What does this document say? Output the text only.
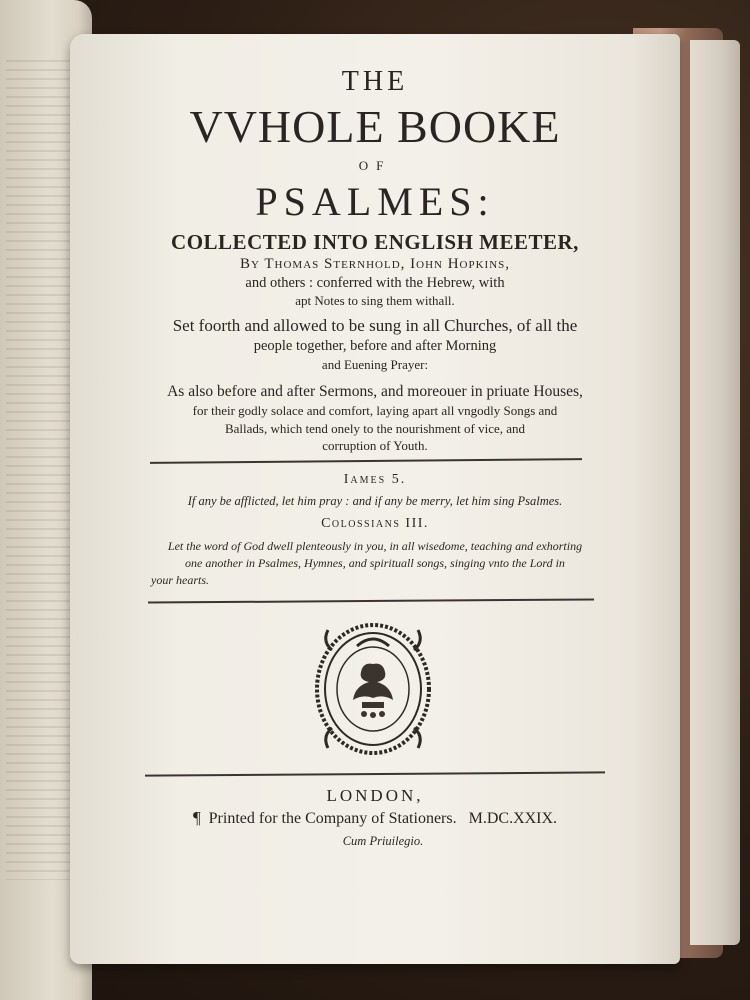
THE
VVHOLE BOOKE
OF
PSALMES:
COLLECTED INTO ENGLISH MEETER,
By Thomas Sternhold, Iohn Hopkins,
and others : conferred with the Hebrew, with
apt Notes to sing them withall.
Set foorth and allowed to be sung in all Churches, of all the
people together, before and after Morning
and Euening Prayer:
As also before and after Sermons, and moreouer in priuate Houses,
for their godly solace and comfort, laying apart all vngodly Songs and
Ballads, which tend onely to the nourishment of vice, and
corruption of Youth.
Iames 5.
If any be afflicted, let him pray : and if any be merry, let him sing Psalmes.
Colossians III.
Let the word of God dwell plenteously in you, in all wisedome, teaching and exhorting
one another in Psalmes, Hymnes, and spirituall songs, singing vnto the Lord in
your hearts.
LONDON,
¶ Printed for the Company of Stationers. M.DC.XXIX.
Cum Priuilegio.
